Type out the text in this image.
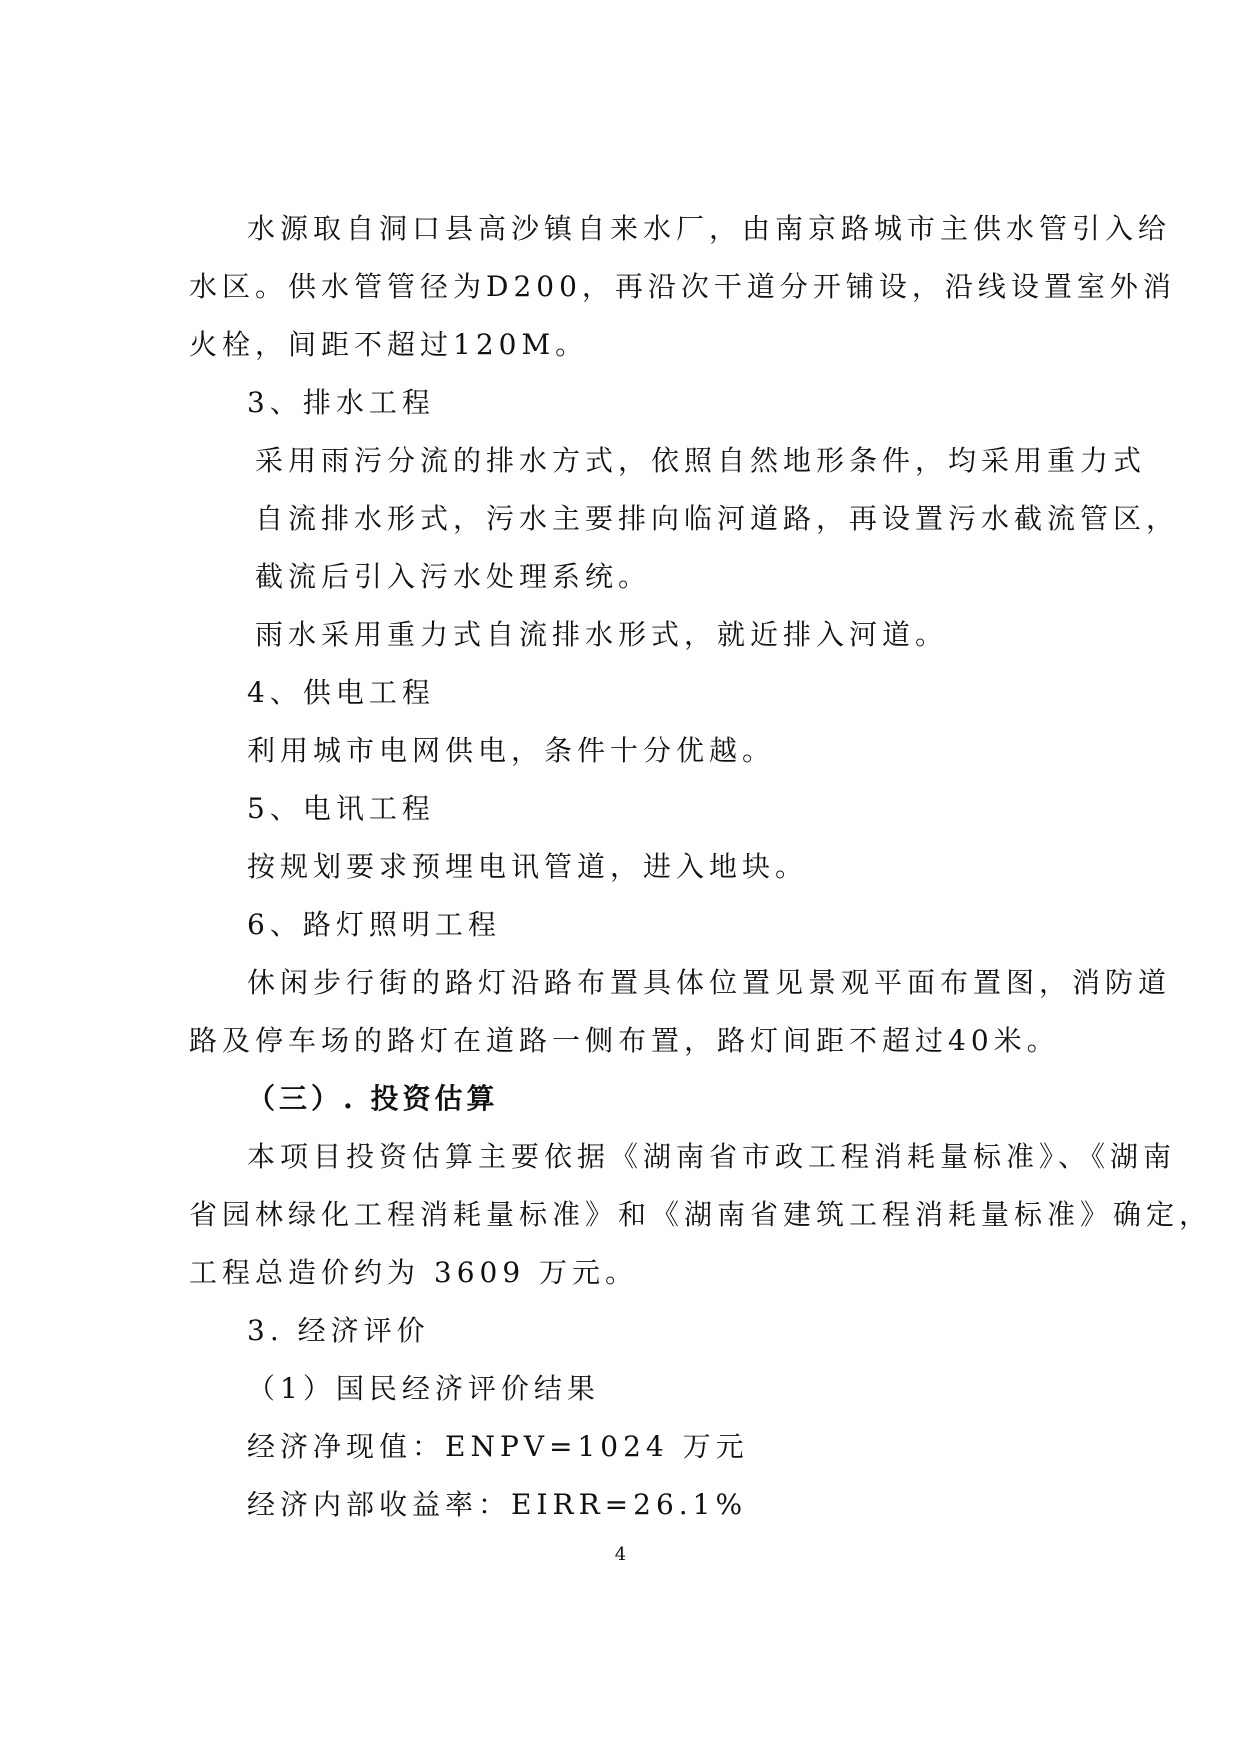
水源取自洞口县高沙镇自来水厂，由南京路城市主供水管引入给
水区。供水管管径为D200，再沿次干道分开铺设，沿线设置室外消
火栓，间距不超过120M。
3、排水工程
采用雨污分流的排水方式，依照自然地形条件，均采用重力式
自流排水形式，污水主要排向临河道路，再设置污水截流管区，
截流后引入污水处理系统。
雨水采用重力式自流排水形式，就近排入河道。
4、供电工程
利用城市电网供电，条件十分优越。
5、电讯工程
按规划要求预埋电讯管道，进入地块。
6、路灯照明工程
休闲步行街的路灯沿路布置具体位置见景观平面布置图，消防道
路及停车场的路灯在道路一侧布置，路灯间距不超过40米。
（三）. 投资估算
本项目投资估算主要依据《湖南省市政工程消耗量标准》、《湖南
省园林绿化工程消耗量标准》和《湖南省建筑工程消耗量标准》确定，
工程总造价约为 3609 万元。
3. 经济评价
（1）国民经济评价结果
经济净现值：ENPV=1024 万元
经济内部收益率：EIRR=26.1%
4
